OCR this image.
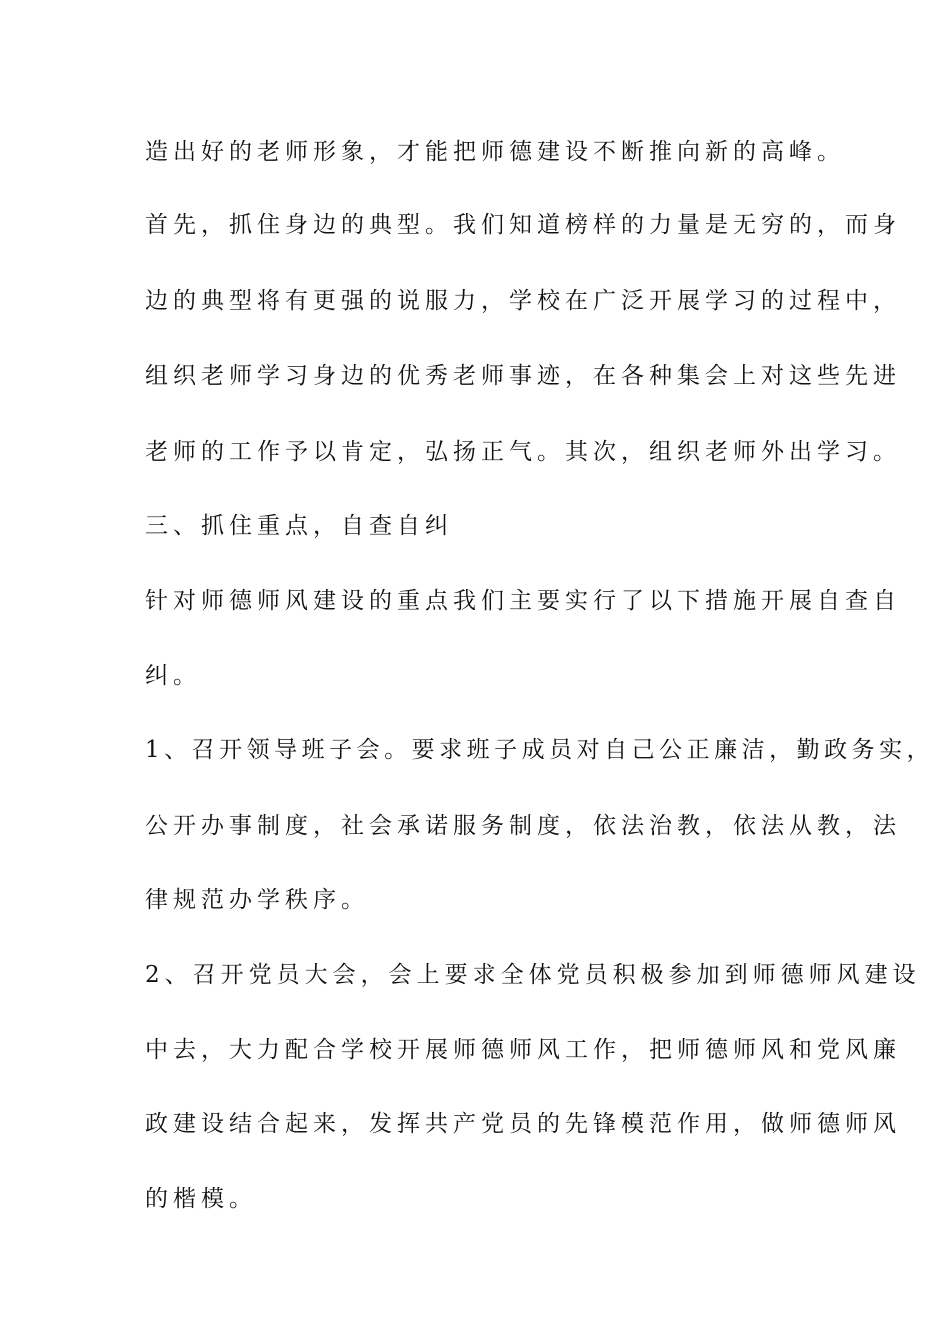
造出好的老师形象，才能把师德建设不断推向新的高峰。
首先，抓住身边的典型。我们知道榜样的力量是无穷的，而身
边的典型将有更强的说服力，学校在广泛开展学习的过程中，
组织老师学习身边的优秀老师事迹，在各种集会上对这些先进
老师的工作予以肯定，弘扬正气。其次，组织老师外出学习。
三、抓住重点，自查自纠
针对师德师风建设的重点我们主要实行了以下措施开展自查自
纠。
1、召开领导班子会。要求班子成员对自己公正廉洁，勤政务实，
公开办事制度，社会承诺服务制度，依法治教，依法从教，法
律规范办学秩序。
2、召开党员大会，会上要求全体党员积极参加到师德师风建设
中去，大力配合学校开展师德师风工作，把师德师风和党风廉
政建设结合起来，发挥共产党员的先锋模范作用，做师德师风
的楷模。
